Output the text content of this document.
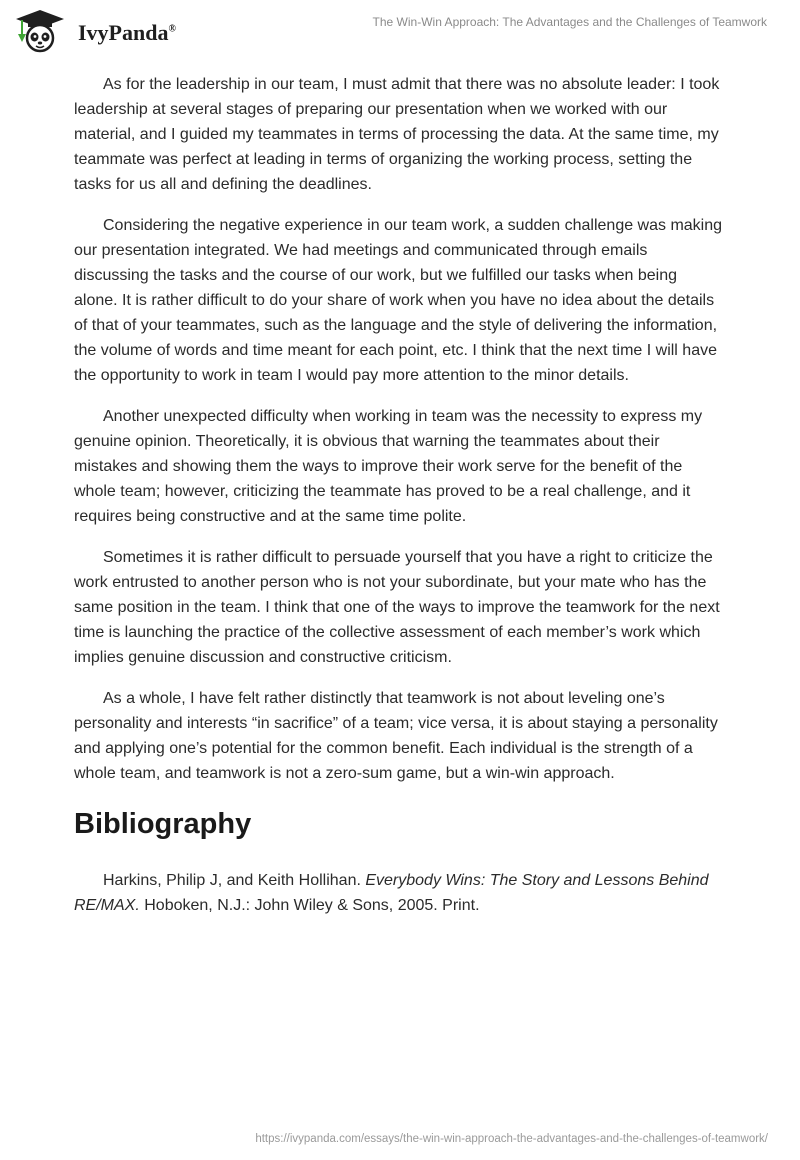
IvyPanda®
The Win-Win Approach: The Advantages and the Challenges of Teamwork

As for the leadership in our team, I must admit that there was no absolute leader: I took leadership at several stages of preparing our presentation when we worked with our material, and I guided my teammates in terms of processing the data. At the same time, my teammate was perfect at leading in terms of organizing the working process, setting the tasks for us all and defining the deadlines.

Considering the negative experience in our team work, a sudden challenge was making our presentation integrated. We had meetings and communicated through emails discussing the tasks and the course of our work, but we fulfilled our tasks when being alone. It is rather difficult to do your share of work when you have no idea about the details of that of your teammates, such as the language and the style of delivering the information, the volume of words and time meant for each point, etc. I think that the next time I will have the opportunity to work in team I would pay more attention to the minor details.

Another unexpected difficulty when working in team was the necessity to express my genuine opinion. Theoretically, it is obvious that warning the teammates about their mistakes and showing them the ways to improve their work serve for the benefit of the whole team; however, criticizing the teammate has proved to be a real challenge, and it requires being constructive and at the same time polite.

Sometimes it is rather difficult to persuade yourself that you have a right to criticize the work entrusted to another person who is not your subordinate, but your mate who has the same position in the team. I think that one of the ways to improve the teamwork for the next time is launching the practice of the collective assessment of each member’s work which implies genuine discussion and constructive criticism.

As a whole, I have felt rather distinctly that teamwork is not about leveling one’s personality and interests “in sacrifice” of a team; vice versa, it is about staying a personality and applying one’s potential for the common benefit. Each individual is the strength of a whole team, and teamwork is not a zero-sum game, but a win-win approach.

Bibliography

Harkins, Philip J, and Keith Hollihan. Everybody Wins: The Story and Lessons Behind RE/MAX. Hoboken, N.J.: John Wiley & Sons, 2005. Print.

https://ivypanda.com/essays/the-win-win-approach-the-advantages-and-the-challenges-of-teamwork/
